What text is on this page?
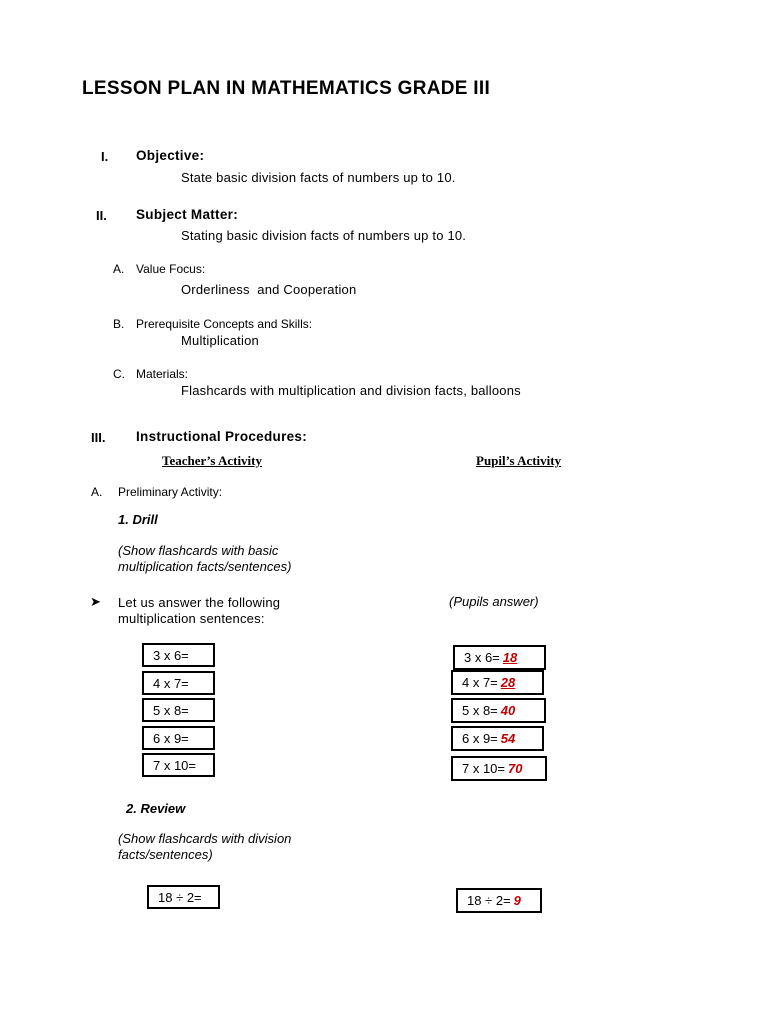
LESSON PLAN IN MATHEMATICS GRADE III
I. Objective:
State basic division facts of numbers up to 10.
II. Subject Matter:
Stating basic division facts of numbers up to 10.
A. Value Focus:
Orderliness  and Cooperation
B. Prerequisite Concepts and Skills:
Multiplication
C. Materials:
Flashcards with multiplication and division facts, balloons
III. Instructional Procedures:
Teacher’s Activity	Pupil’s Activity
A. Preliminary Activity:
1. Drill
(Show flashcards with basic
multiplication facts/sentences)
➤ Let us answer the following
multiplication sentences:
(Pupils answer)
3 x 6=
4 x 7=
5 x 8=
6 x 9=
7 x 10=
3 x 6= 18
4 x 7= 28
5 x 8= 40
6 x 9= 54
7 x 10= 70
2. Review
(Show flashcards with division
facts/sentences)
18 ÷ 2=	18 ÷ 2= 9
